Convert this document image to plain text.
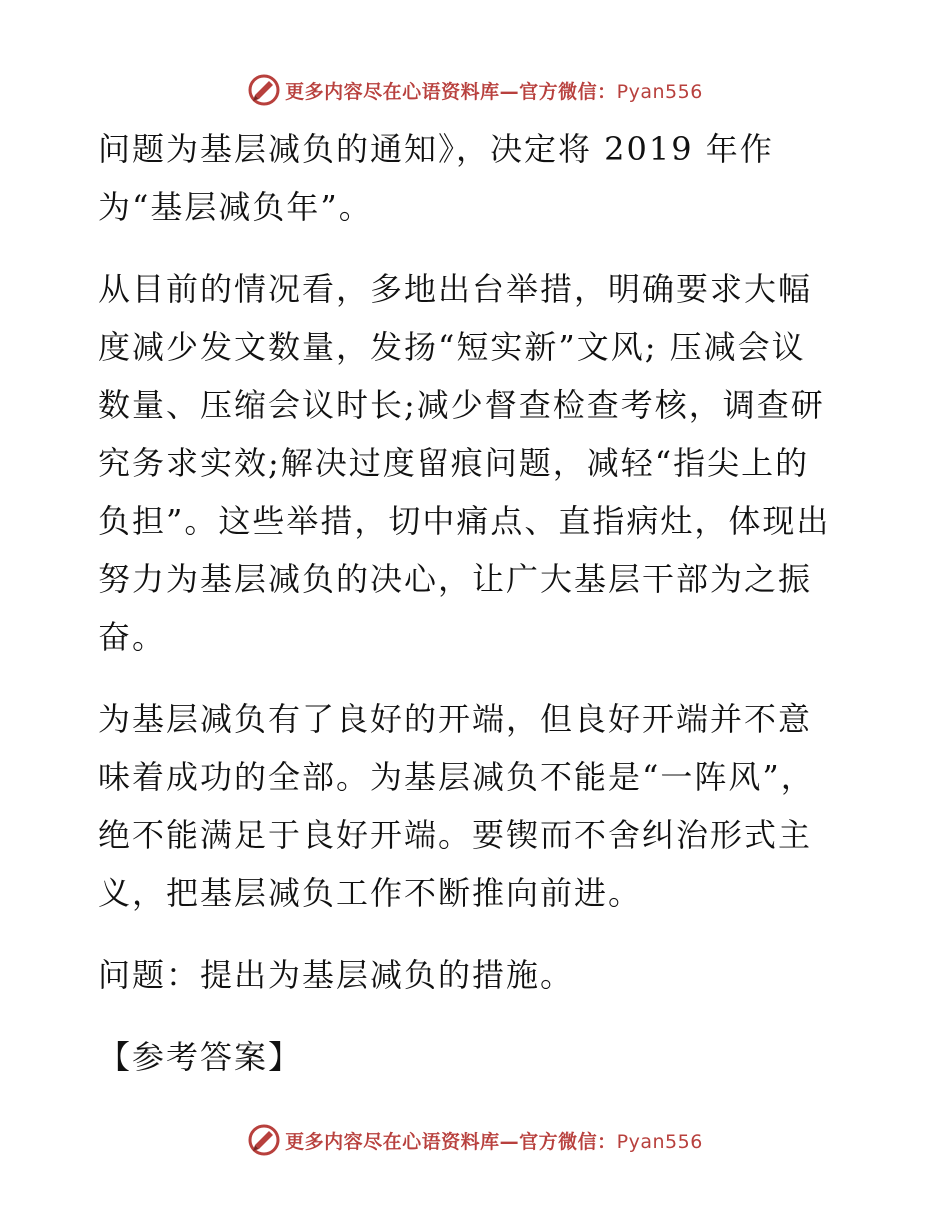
更多内容尽在心语资料库—官方微信：Pyan556

问题为基层减负的通知》，决定将 2019 年作
为“基层减负年”。

从目前的情况看，多地出台举措，明确要求大幅
度减少发文数量，发扬“短实新”文风; 压减会议
数量、压缩会议时长;减少督查检查考核，调查研
究务求实效;解决过度留痕问题，减轻“指尖上的
负担”。这些举措，切中痛点、直指病灶，体现出
努力为基层减负的决心，让广大基层干部为之振
奋。

为基层减负有了良好的开端，但良好开端并不意
味着成功的全部。为基层减负不能是“一阵风”，
绝不能满足于良好开端。要锲而不舍纠治形式主
义，把基层减负工作不断推向前进。

问题：提出为基层减负的措施。

【参考答案】

更多内容尽在心语资料库—官方微信：Pyan556
